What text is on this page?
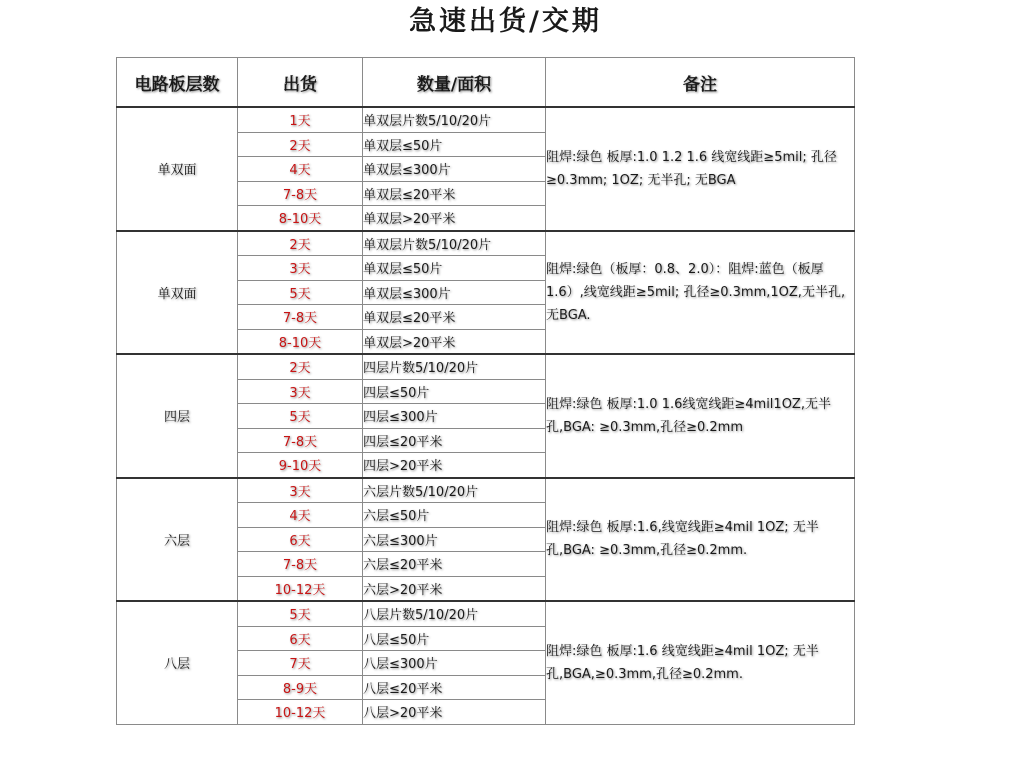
急速出货/交期
电路板层数	出货	数量/面积	备注
单双面	1天	单双层片数5/10/20片	阻焊:绿色 板厚:1.0 1.2 1.6 线宽线距≥5mil; 孔径≥0.3mm; 1OZ; 无半孔; 无BGA
	2天	单双层≤50片	
	4天	单双层≤300片	
	7-8天	单双层≤20平米	
	8-10天	单双层>20平米	
单双面	2天	单双层片数5/10/20片	阻焊:绿色（板厚：0.8、2.0）：阻焊:蓝色（板厚1.6）,线宽线距≥5mil; 孔径≥0.3mm,1OZ,无半孔,无BGA.
	3天	单双层≤50片	
	5天	单双层≤300片	
	7-8天	单双层≤20平米	
	8-10天	单双层>20平米	
四层	2天	四层片数5/10/20片	阻焊:绿色 板厚:1.0 1.6线宽线距≥4mil1OZ,无半孔,BGA: ≥0.3mm,孔径≥0.2mm
	3天	四层≤50片	
	5天	四层≤300片	
	7-8天	四层≤20平米	
	9-10天	四层>20平米	
六层	3天	六层片数5/10/20片	阻焊:绿色 板厚:1.6,线宽线距≥4mil 1OZ; 无半孔,BGA: ≥0.3mm,孔径≥0.2mm.
	4天	六层≤50片	
	6天	六层≤300片	
	7-8天	六层≤20平米	
	10-12天	六层>20平米	
八层	5天	八层片数5/10/20片	阻焊:绿色 板厚:1.6 线宽线距≥4mil 1OZ; 无半孔,BGA,≥0.3mm,孔径≥0.2mm.
	6天	八层≤50片	
	7天	八层≤300片	
	8-9天	八层≤20平米	
	10-12天	八层>20平米	
